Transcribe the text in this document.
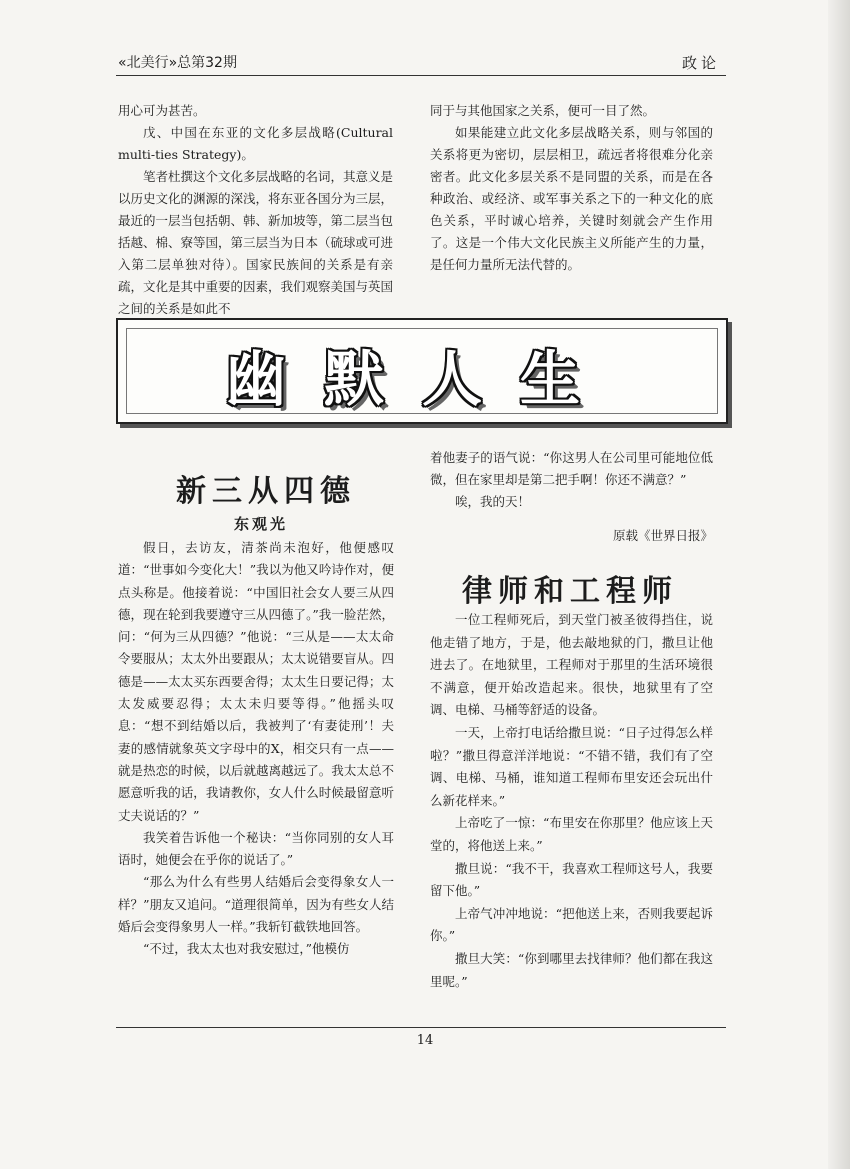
«北美行»总第32期	政论

用心可为甚苦。

戊、中国在东亚的文化多层战略(Cultural multi-ties Strategy)。

笔者杜撰这个文化多层战略的名词，其意义是以历史文化的渊源的深浅，将东亚各国分为三层，最近的一层当包括朝、韩、新加坡等，第二层当包括越、棉、寮等国，第三层当为日本（硫球或可进入第二层单独对待）。国家民族间的关系是有亲疏，文化是其中重要的因素，我们观察美国与英国之间的关系是如此不

同于与其他国家之关系，便可一目了然。

如果能建立此文化多层战略关系，则与邻国的关系将更为密切，层层相卫，疏远者将很难分化亲密者。此文化多层关系不是同盟的关系，而是在各种政治、或经济、或军事关系之下的一种文化的底色关系，平时诚心培养，关键时刻就会产生作用了。这是一个伟大文化民族主义所能产生的力量，是任何力量所无法代替的。

幽默人生
新三从四德
东观光

假日，去访友，清茶尚未泡好，他便感叹道：“世事如今变化大！”我以为他又吟诗作对，便点头称是。他接着说：“中国旧社会女人要三从四德，现在轮到我要遵守三从四德了。”我一脸茫然，问：“何为三从四德？”他说：“三从是——太太命令要服从；太太外出要跟从；太太说错要盲从。四德是——太太买东西要舍得；太太生日要记得；太太发威要忍得；太太未归要等得。”他摇头叹息：“想不到结婚以后，我被判了‘有妻徒刑’！夫妻的感情就象英文字母中的X，相交只有一点——就是热恋的时候，以后就越离越远了。我太太总不愿意听我的话，我请教你，女人什么时候最留意听丈夫说话的？”

我笑着告诉他一个秘诀：“当你同别的女人耳语时，她便会在乎你的说话了。”

“那么为什么有些男人结婚后会变得象女人一样？”朋友又追问。“道理很简单，因为有些女人结婚后会变得象男人一样。”我斩钉截铁地回答。

“不过，我太太也对我安慰过，”他模仿

着他妻子的语气说：“你这男人在公司里可能地位低微，但在家里却是第二把手啊！你还不满意？”

唉，我的天！

原载《世界日报》
律师和工程师

一位工程师死后，到天堂门被圣彼得挡住，说他走错了地方，于是，他去敲地狱的门，撒旦让他进去了。在地狱里，工程师对于那里的生活环境很不满意，便开始改造起来。很快，地狱里有了空调、电梯、马桶等舒适的设备。

一天，上帝打电话给撒旦说：“日子过得怎么样啦？”撒旦得意洋洋地说：“不错不错，我们有了空调、电梯、马桶，谁知道工程师布里安还会玩出什么新花样来。”

上帝吃了一惊：“布里安在你那里？他应该上天堂的，将他送上来。”

撒旦说：“我不干，我喜欢工程师这号人，我要留下他。”

上帝气冲冲地说：“把他送上来，否则我要起诉你。”

撒旦大笑：“你到哪里去找律师？他们都在我这里呢。”

14
